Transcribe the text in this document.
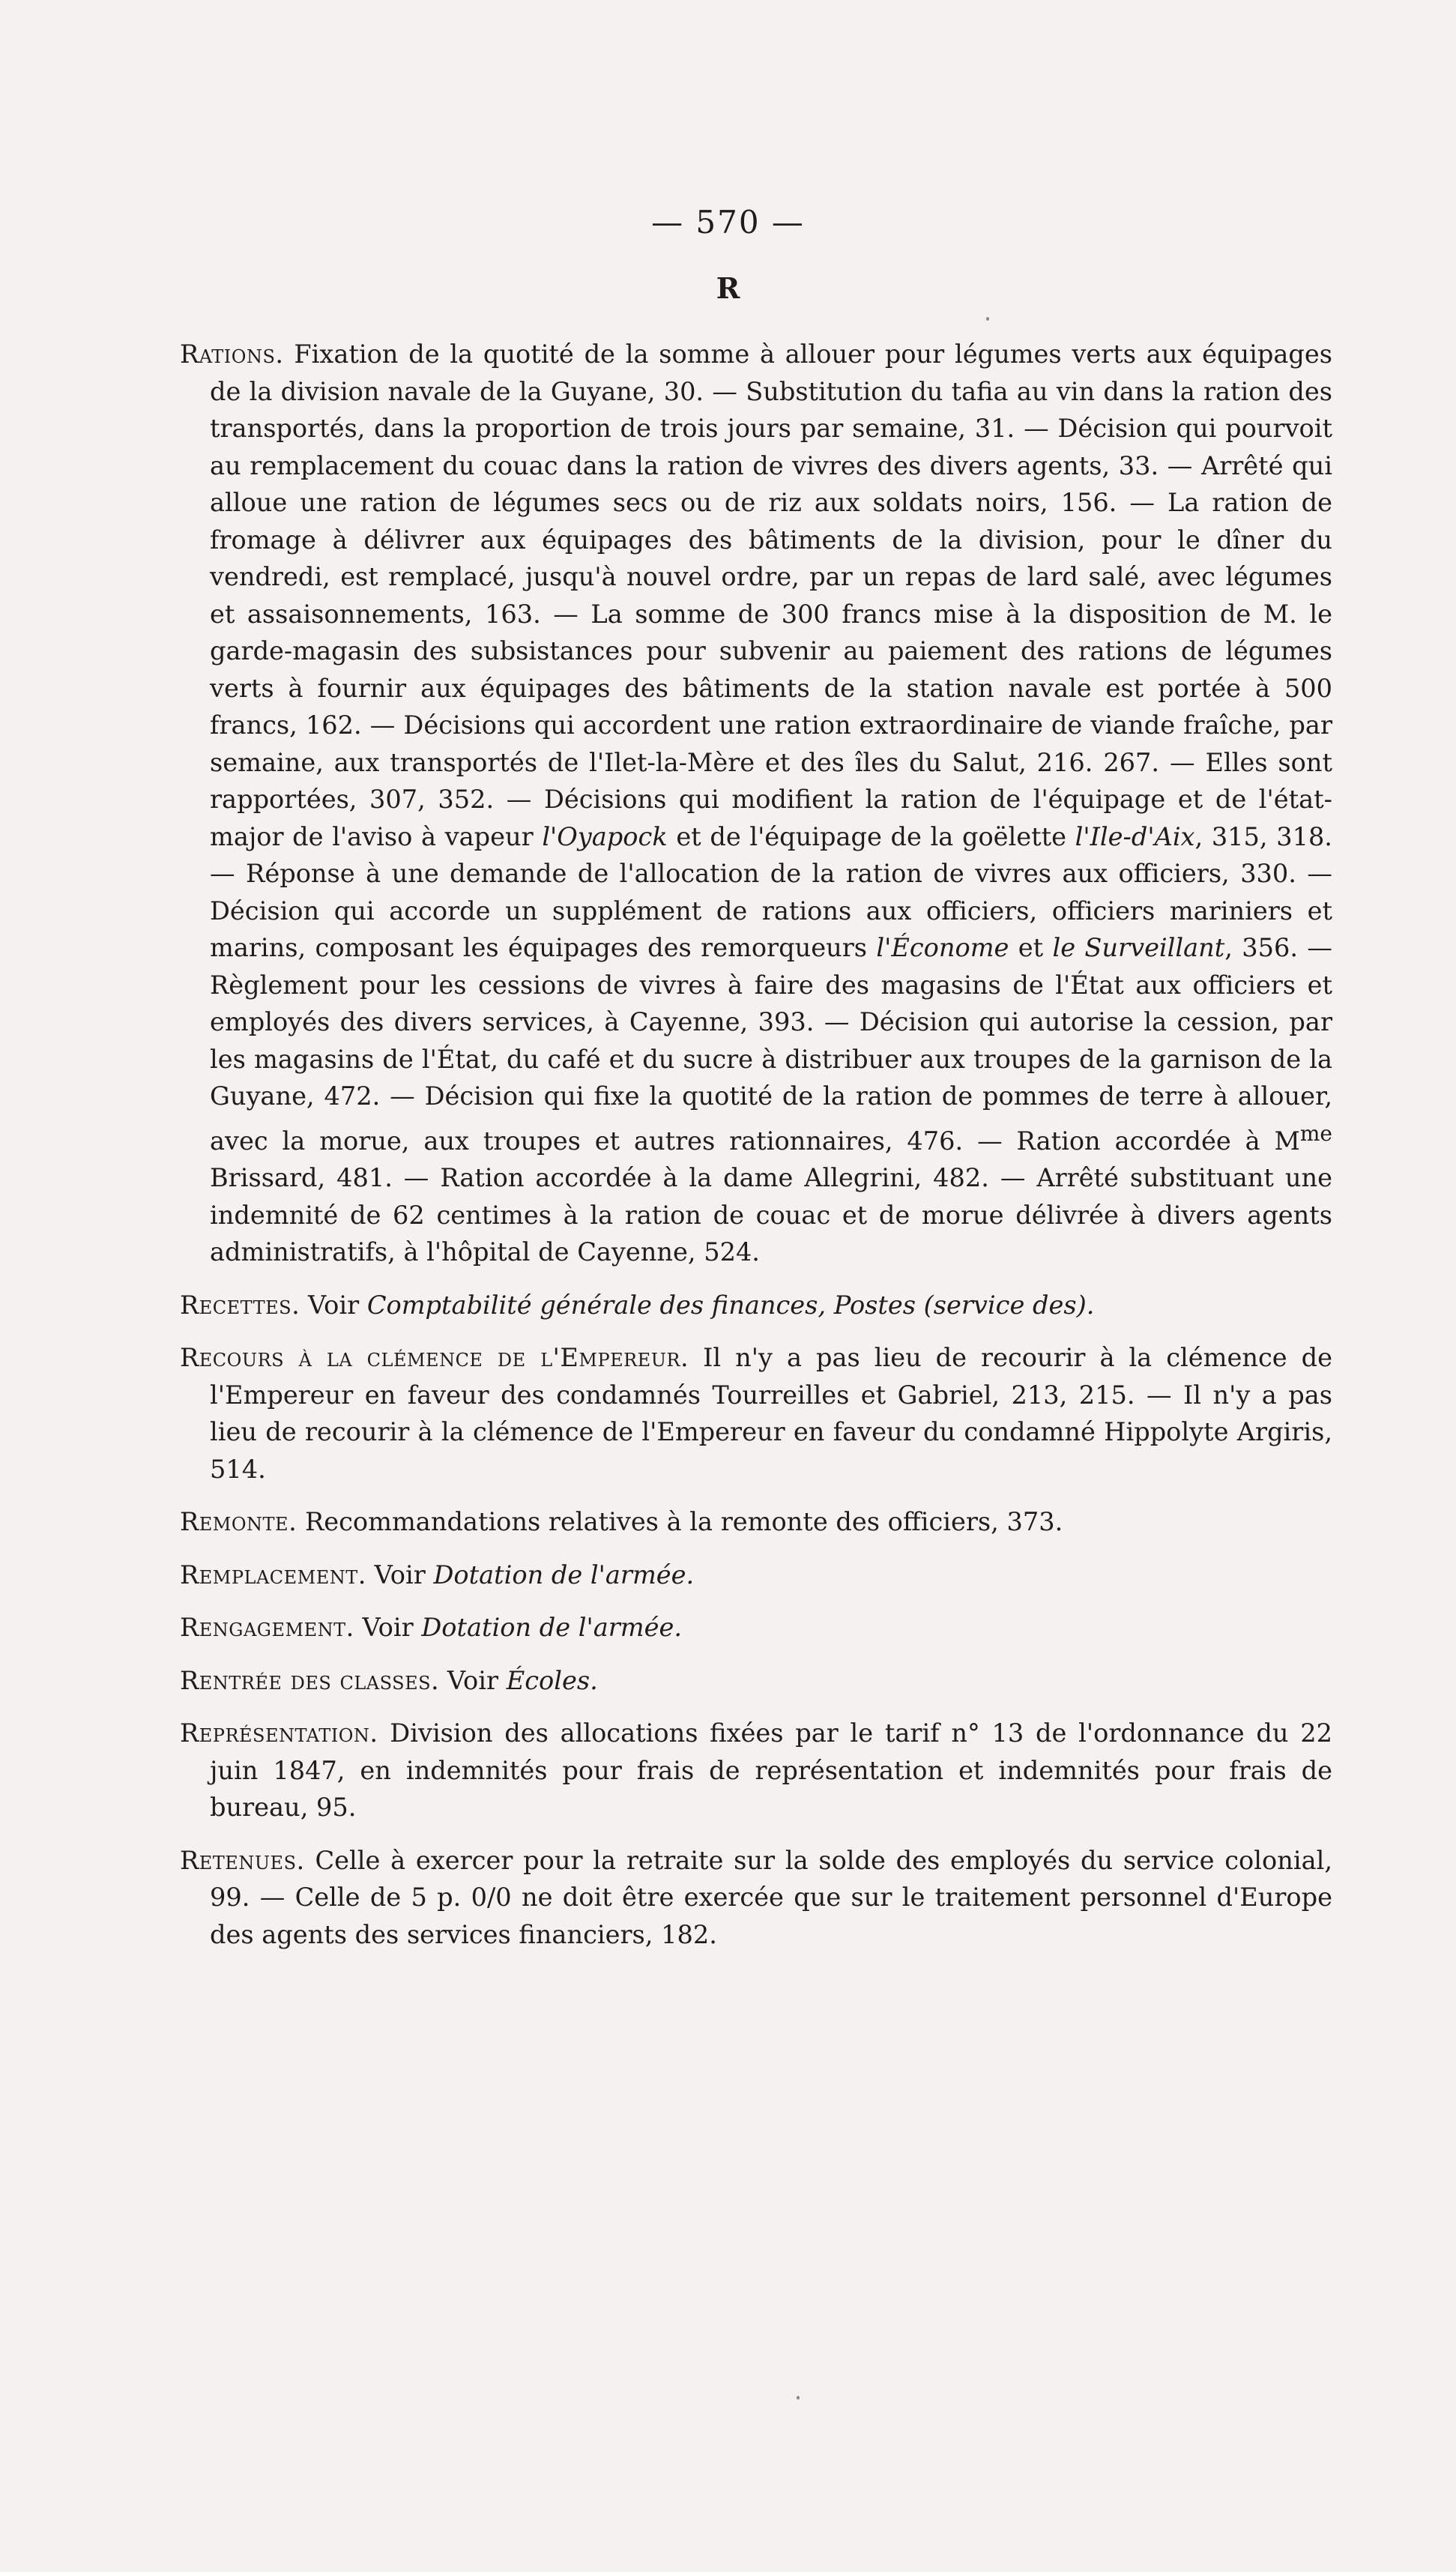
— 570 —
R

Rations. Fixation de la quotité de la somme à allouer pour légumes verts aux équipages de la division navale de la Guyane, 30. — Substitution du tafia au vin dans la ration des transportés, dans la proportion de trois jours par semaine, 31. — Décision qui pourvoit au remplacement du couac dans la ration de vivres des divers agents, 33. — Arrêté qui alloue une ration de légumes secs ou de riz aux soldats noirs, 156. — La ration de fromage à délivrer aux équipages des bâtiments de la division, pour le dîner du vendredi, est remplacé, jusqu'à nouvel ordre, par un repas de lard salé, avec légumes et assaisonnements, 163. — La somme de 300 francs mise à la disposition de M. le garde-magasin des subsistances pour subvenir au paiement des rations de légumes verts à fournir aux équipages des bâtiments de la station navale est portée à 500 francs, 162. — Décisions qui accordent une ration extraordinaire de viande fraîche, par semaine, aux transportés de l'Ilet-la-Mère et des îles du Salut, 216. 267. — Elles sont rapportées, 307, 352. — Décisions qui modifient la ration de l'équipage et de l'état-major de l'aviso à vapeur l'Oyapock et de l'équipage de la goëlette l'Ile-d'Aix, 315, 318. — Réponse à une demande de l'allocation de la ration de vivres aux officiers, 330. — Décision qui accorde un supplément de rations aux officiers, officiers mariniers et marins, composant les équipages des remorqueurs l'Économe et le Surveillant, 356. — Règlement pour les cessions de vivres à faire des magasins de l'État aux officiers et employés des divers services, à Cayenne, 393. — Décision qui autorise la cession, par les magasins de l'État, du café et du sucre à distribuer aux troupes de la garnison de la Guyane, 472. — Décision qui fixe la quotité de la ration de pommes de terre à allouer, avec la morue, aux troupes et autres rationnaires, 476. — Ration accordée à $M^{me}$ Brissard, 481. — Ration accordée à la dame Allegrini, 482. — Arrêté substituant une indemnité de 62 centimes à la ration de couac et de morue délivrée à divers agents administratifs, à l'hôpital de Cayenne, 524.

Recettes. Voir Comptabilité générale des finances, Postes (service des).

Recours à la clémence de l'Empereur. Il n'y a pas lieu de recourir à la clémence de l'Empereur en faveur des condamnés Tourreilles et Gabriel, 213, 215. — Il n'y a pas lieu de recourir à la clémence de l'Empereur en faveur du condamné Hippolyte Argiris, 514.

Remonte. Recommandations relatives à la remonte des officiers, 373.

Remplacement. Voir Dotation de l'armée.

Rengagement. Voir Dotation de l'armée.

Rentrée des classes. Voir Écoles.

Représentation. Division des allocations fixées par le tarif n° 13 de l'ordonnance du 22 juin 1847, en indemnités pour frais de représentation et indemnités pour frais de bureau, 95.

Retenues. Celle à exercer pour la retraite sur la solde des employés du service colonial, 99. — Celle de 5 p. 0/0 ne doit être exercée que sur le traitement personnel d'Europe des agents des services financiers, 182.
